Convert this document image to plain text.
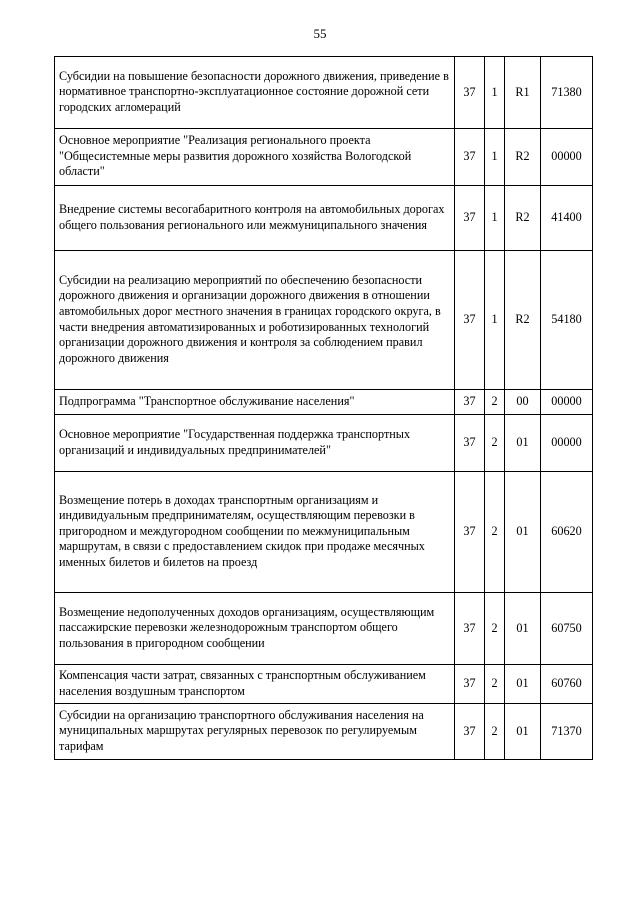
55
Субсидии на повышение безопасности дорожного движения, приведение в нормативное транспортно-эксплуатационное состояние дорожной сети городских агломераций	37	1	R1	71380
Основное мероприятие "Реализация регионального проекта "Общесистемные меры развития дорожного хозяйства Вологодской области"	37	1	R2	00000
Внедрение системы весогабаритного контроля на автомобильных дорогах общего пользования регионального или межмуниципального значения	37	1	R2	41400
Субсидии на реализацию мероприятий по обеспечению безопасности дорожного движения и организации дорожного движения в отношении автомобильных дорог местного значения в границах городского округа, в части внедрения автоматизированных и роботизированных технологий организации дорожного движения и контроля за соблюдением правил дорожного движения	37	1	R2	54180
Подпрограмма "Транспортное обслуживание населения"	37	2	00	00000
Основное мероприятие "Государственная поддержка транспортных организаций и индивидуальных предпринимателей"	37	2	01	00000
Возмещение потерь в доходах транспортным организациям и индивидуальным предпринимателям, осуществляющим перевозки в пригородном и междугородном сообщении по межмуниципальным маршрутам, в связи с предоставлением скидок при продаже месячных именных билетов и билетов на проезд	37	2	01	60620
Возмещение недополученных доходов организациям, осуществляющим пассажирские перевозки железнодорожным транспортом общего пользования в пригородном сообщении	37	2	01	60750
Компенсация части затрат, связанных с транспортным обслуживанием населения воздушным транспортом	37	2	01	60760
Субсидии на организацию транспортного обслуживания населения на муниципальных маршрутах регулярных перевозок по регулируемым тарифам	37	2	01	71370
